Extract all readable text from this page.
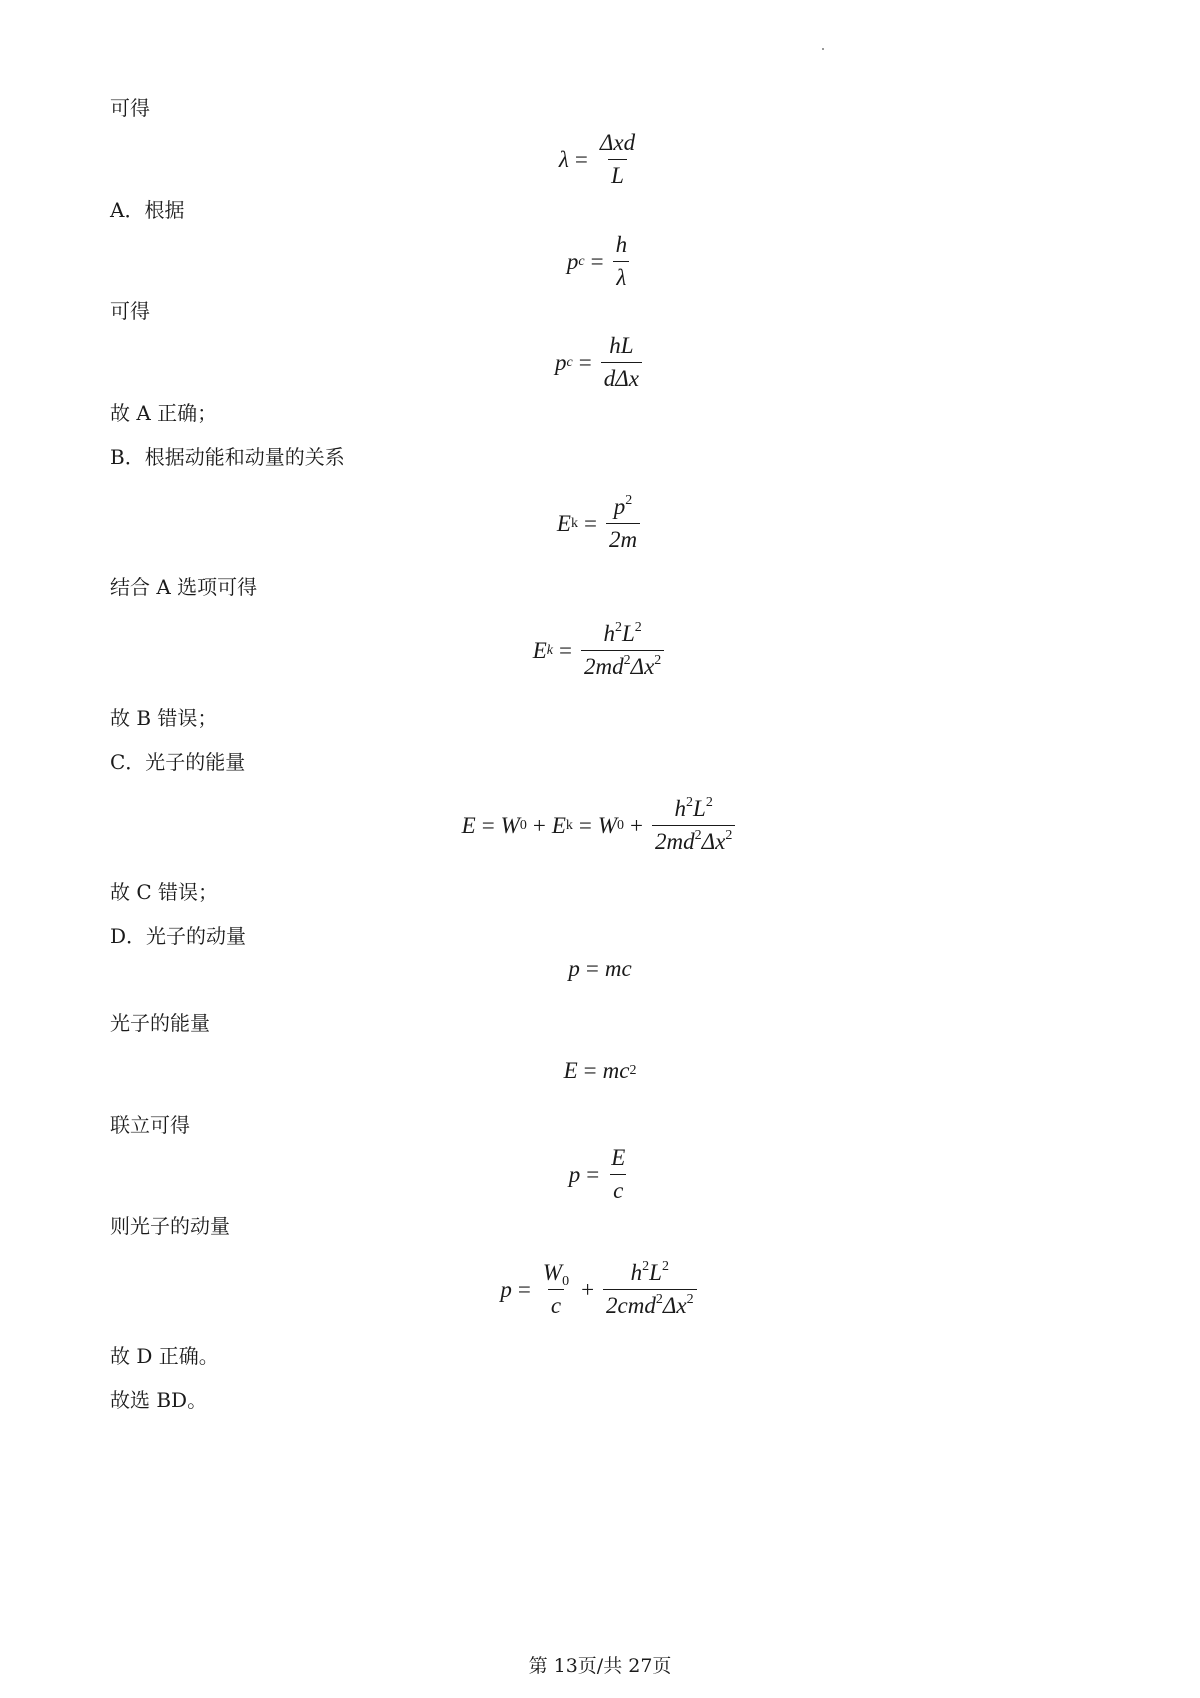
可得
$\lambda = \frac{\text{Δxd}}{L}$
A．根据
p $c = \frac{h}{\lambda}$
可得
p $c = \frac{hL}{\text{dΔx}}$
故 A 正确；
B．根据动能和动量的关系
E $k = \frac{p^2}{2m}$
结合 A 选项可得
E $k = \frac{h^2L^2}{2md^2\Delta x^2}$
故 B 错误；
C．光子的能量
E = W 0 + E k = W $0 + \frac{h^2L^2}{2md^2\Delta x^2}$
故 C 错误；
D．光子的动量
p = mc
光子的能量
E = mc 2
联立可得
$p = \frac{E}{c}$
则光子的动量
$p = \frac{W_0}{c} + \frac{h^2L^2}{2cmd^2\Delta x^2}$
故 D 正确。
故选 BD。
第 13页/共 27页
